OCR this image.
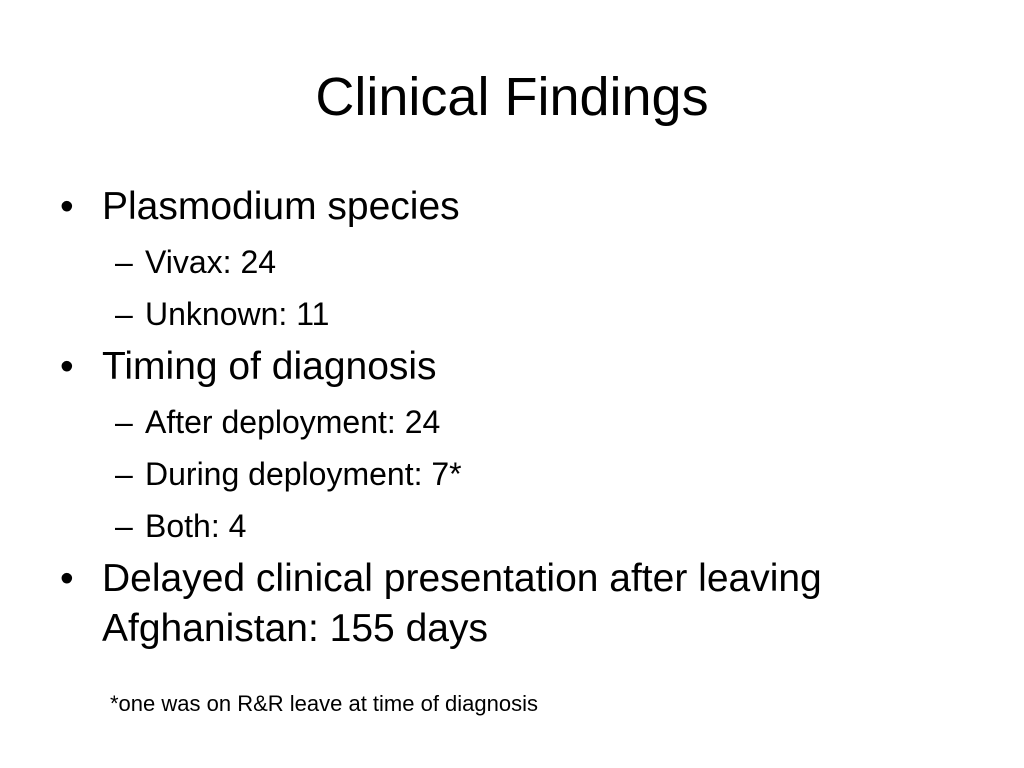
Clinical Findings
• Plasmodium species
– Vivax: 24
– Unknown: 11
• Timing of diagnosis
– After deployment: 24
– During deployment: 7*
– Both: 4
• Delayed clinical presentation after leaving Afghanistan: 155 days

*one was on R&R leave at time of diagnosis
